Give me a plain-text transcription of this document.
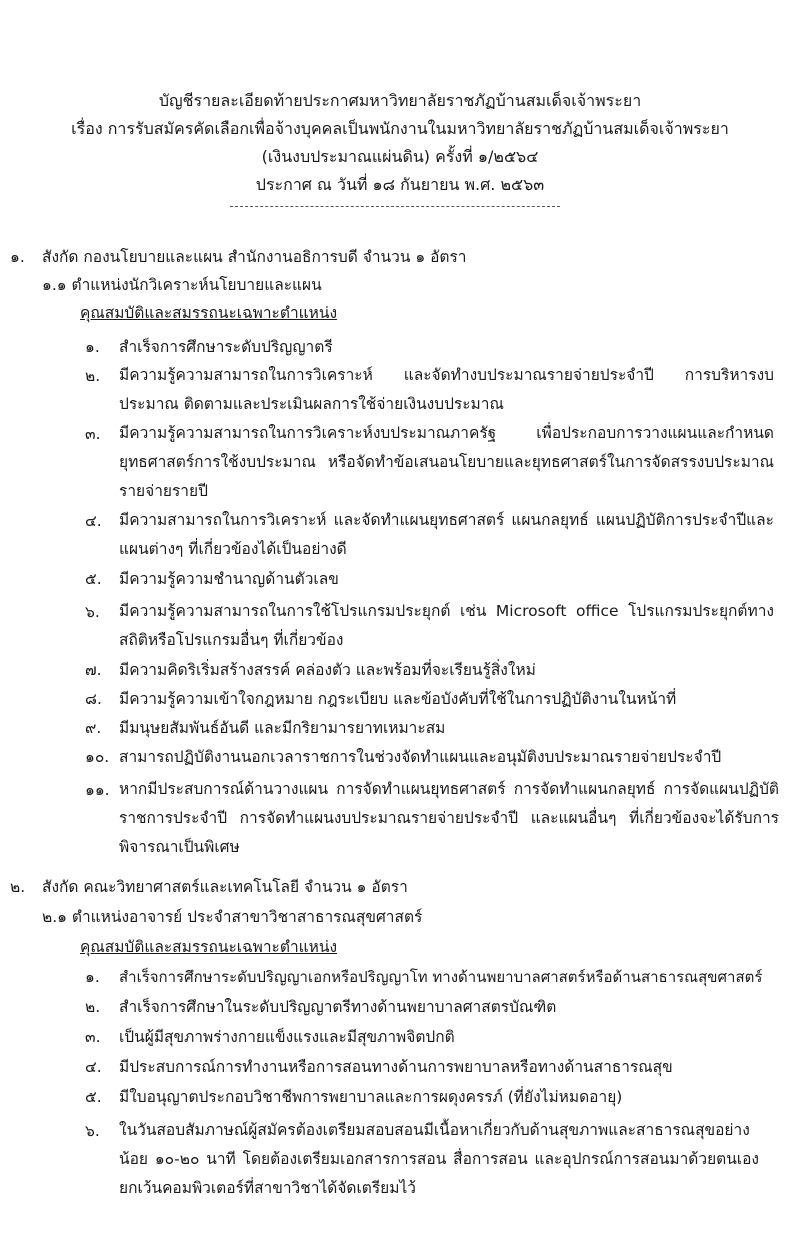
บัญชีรายละเอียดท้ายประกาศมหาวิทยาลัยราชภัฏบ้านสมเด็จเจ้าพระยา
เรื่อง การรับสมัครคัดเลือกเพื่อจ้างบุคคลเป็นพนักงานในมหาวิทยาลัยราชภัฏบ้านสมเด็จเจ้าพระยา
(เงินงบประมาณแผ่นดิน) ครั้งที่ ๑/๒๕๖๔
ประกาศ ณ วันที่ ๑๘ กันยายน พ.ศ. ๒๕๖๓
๑. สังกัด กองนโยบายและแผน สำนักงานอธิการบดี จำนวน ๑ อัตรา
๑.๑ ตำแหน่งนักวิเคราะห์นโยบายและแผน
คุณสมบัติและสมรรถนะเฉพาะตำแหน่ง
๑.	สำเร็จการศึกษาระดับปริญญาตรี
๒.	มีความรู้ความสามารถในการวิเคราะห์ และจัดทำงบประมาณรายจ่ายประจำปี การบริหารงบประมาณ ติดตามและประเมินผลการใช้จ่ายเงินงบประมาณ
๓.	มีความรู้ความสามารถในการวิเคราะห์งบประมาณภาครัฐ เพื่อประกอบการวางแผนและกำหนดยุทธศาสตร์การใช้งบประมาณ หรือจัดทำข้อเสนอนโยบายและยุทธศาสตร์ในการจัดสรรงบประมาณรายจ่ายรายปี
๔.	มีความสามารถในการวิเคราะห์ และจัดทำแผนยุทธศาสตร์ แผนกลยุทธ์ แผนปฏิบัติการประจำปีและแผนต่างๆ ที่เกี่ยวข้องได้เป็นอย่างดี
๕.	มีความรู้ความชำนาญด้านตัวเลข
๖.	มีความรู้ความสามารถในการใช้โปรแกรมประยุกต์ เช่น Microsoft office โปรแกรมประยุกต์ทางสถิติหรือโปรแกรมอื่นๆ ที่เกี่ยวข้อง
๗.	มีความคิดริเริ่มสร้างสรรค์ คล่องตัว และพร้อมที่จะเรียนรู้สิ่งใหม่
๘.	มีความรู้ความเข้าใจกฎหมาย กฎระเบียบ และข้อบังคับที่ใช้ในการปฏิบัติงานในหน้าที่
๙.	มีมนุษยสัมพันธ์อันดี และมีกริยามารยาทเหมาะสม
๑๐. สามารถปฏิบัติงานนอกเวลาราชการในช่วงจัดทำแผนและอนุมัติงบประมาณรายจ่ายประจำปี
๑๑. หากมีประสบการณ์ด้านวางแผน การจัดทำแผนยุทธศาสตร์ การจัดทำแผนกลยุทธ์ การจัดแผนปฏิบัติราชการประจำปี การจัดทำแผนงบประมาณรายจ่ายประจำปี และแผนอื่นๆ ที่เกี่ยวข้องจะได้รับการพิจารณาเป็นพิเศษ
๒. สังกัด คณะวิทยาศาสตร์และเทคโนโลยี จำนวน ๑ อัตรา
๒.๑ ตำแหน่งอาจารย์ ประจำสาขาวิชาสาธารณสุขศาสตร์
คุณสมบัติและสมรรถนะเฉพาะตำแหน่ง
๑.	สำเร็จการศึกษาระดับปริญญาเอกหรือปริญญาโท ทางด้านพยาบาลศาสตร์หรือด้านสาธารณสุขศาสตร์
๒.	สำเร็จการศึกษาในระดับปริญญาตรีทางด้านพยาบาลศาสตรบัณฑิต
๓.	เป็นผู้มีสุขภาพร่างกายแข็งแรงและมีสุขภาพจิตปกติ
๔.	มีประสบการณ์การทำงานหรือการสอนทางด้านการพยาบาลหรือทางด้านสาธารณสุข
๕.	มีใบอนุญาตประกอบวิชาชีพการพยาบาลและการผดุงครรภ์ (ที่ยังไม่หมดอายุ)
๖.	ในวันสอบสัมภาษณ์ผู้สมัครต้องเตรียมสอบสอนมีเนื้อหาเกี่ยวกับด้านสุขภาพและสาธารณสุขอย่างน้อย ๑๐-๒๐ นาที โดยต้องเตรียมเอกสารการสอน สื่อการสอน และอุปกรณ์การสอนมาด้วยตนเอง ยกเว้นคอมพิวเตอร์ที่สาขาวิชาได้จัดเตรียมไว้
